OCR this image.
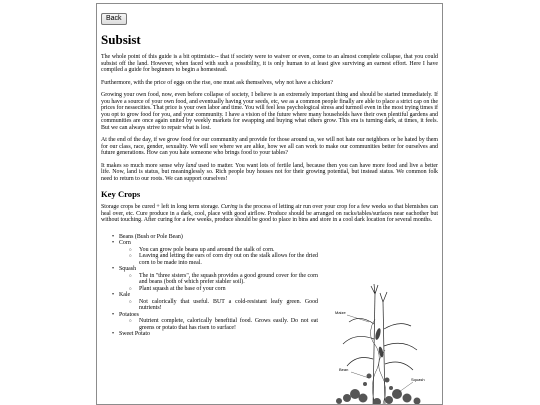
Back
Subsist

The whole point of this guide is a bit optimistic-- that if society were to waiver or even, come to an almost complete collapse, that you could subsist off the land. However, when faced with such a possibility, it is only human to at least give surviving an earnest effort. Here I have compiled a guide for beginners to begin a homestead.

Furthermore, with the price of eggs on the rise, one must ask themselves, why not have a chicken?

Growing your own food, now, even before collapse of society, I believe is an extremely important thing and should be started immediately. If you have a source of your own food, and eventually having your seeds, etc, we as a common people finally are able to place a strict cap on the prices for nessecities. That price is your own labor and time. You will feel less psychological stress and turmoil even in the most trying times if you opt to grow food for you, and your community. I have a vision of the future where many households have their own plentiful gardens and communities are once again united by weekly markets for swapping and buying what others grow. This era is turning dark, at times, it feels. But we can always strive to repair what is lost.

At the end of the day, if we grow food for our community and provide for those around us, we will not hate our neighbors or be hated by them for our class, race, gender, sexuality. We will see where we are alike, how we all can work to make our communities better for ourselves and future generations. How can you hate someone who brings food to your tables?

It makes so much more sense why land used to matter. You want lots of fertile land, because then you can have more food and live a better life. Now, land is status, but meaninglessly so. Rich people buy houses not for their growing potential, but instead status. We common folk need to return to our roots. We can support ourselves!

Key Crops

Storage crops be cured + left in long term storage. Curing is the process of letting air run over your crop for a few weeks so that blemishes can heal over, etc. Cure produce in a dark, cool, place with good airflow. Produce should be arranged on racks/tables/surfaces near eachother but without touching. After curing for a few weeks, produce should be good to place in bins and store in a cool dark location for several months.

• Beans (Bush or Pole Bean)
• Corn
○ You can grow pole beans up and around the stalk of corn.
○ Leaving and letting the ears of corn dry out on the stalk allows for the dried corn to be made into meal.
• Squash
○ The in "three sisters", the squash provides a good ground cover for the corn and beans (both of which prefer stabler soil).
○ Plant squash at the base of your corn
• Kale
○ Not calorically that useful. BUT a cold-resistant leafy green. Good nutrients!
• Potatoes
○ Nutrient complete, calorically benefitial food. Grows easily. Do not eat greens or potato that has risen to surface!
• Sweet Potato
Maize
Bean
Squash
